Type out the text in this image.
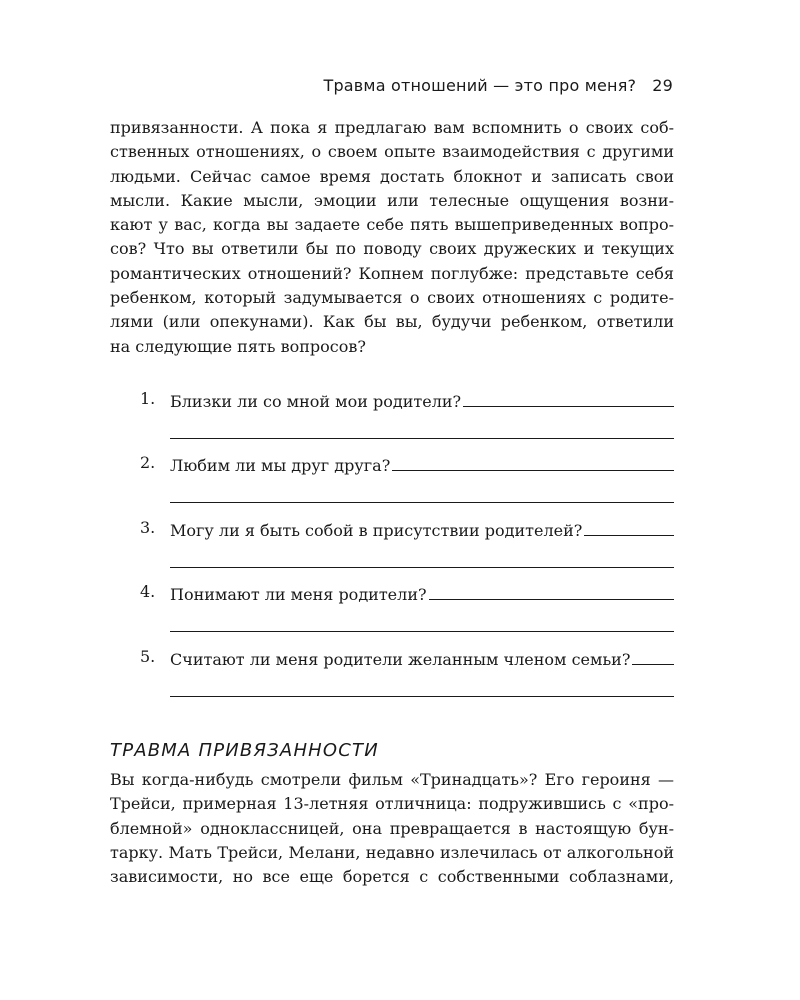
Травма отношений — это про меня? 29
привязанности. А пока я предлагаю вам вспомнить о своих соб-
ственных отношениях, о своем опыте взаимодействия с другими
людьми. Сейчас самое время достать блокнот и записать свои
мысли. Какие мысли, эмоции или телесные ощущения возни-
кают у вас, когда вы задаете себе пять вышеприведенных вопро-
сов? Что вы ответили бы по поводу своих дружеских и текущих
романтических отношений? Копнем поглубже: представьте себя
ребенком, который задумывается о своих отношениях с родите-
лями (или опекунами). Как бы вы, будучи ребенком, ответили
на следующие пять вопросов?
1. Близки ли со мной мои родители?
2. Любим ли мы друг друга?
3. Могу ли я быть собой в присутствии родителей?
4. Понимают ли меня родители?
5. Считают ли меня родители желанным членом семьи?
ТРАВМА ПРИВЯЗАННОСТИ
Вы когда-нибудь смотрели фильм «Тринадцать»? Его героиня —
Трейси, примерная 13-летняя отличница: подружившись с «про-
блемной» одноклассницей, она превращается в настоящую бун-
тарку. Мать Трейси, Мелани, недавно излечилась от алкогольной
зависимости, но все еще борется с собственными соблазнами,
